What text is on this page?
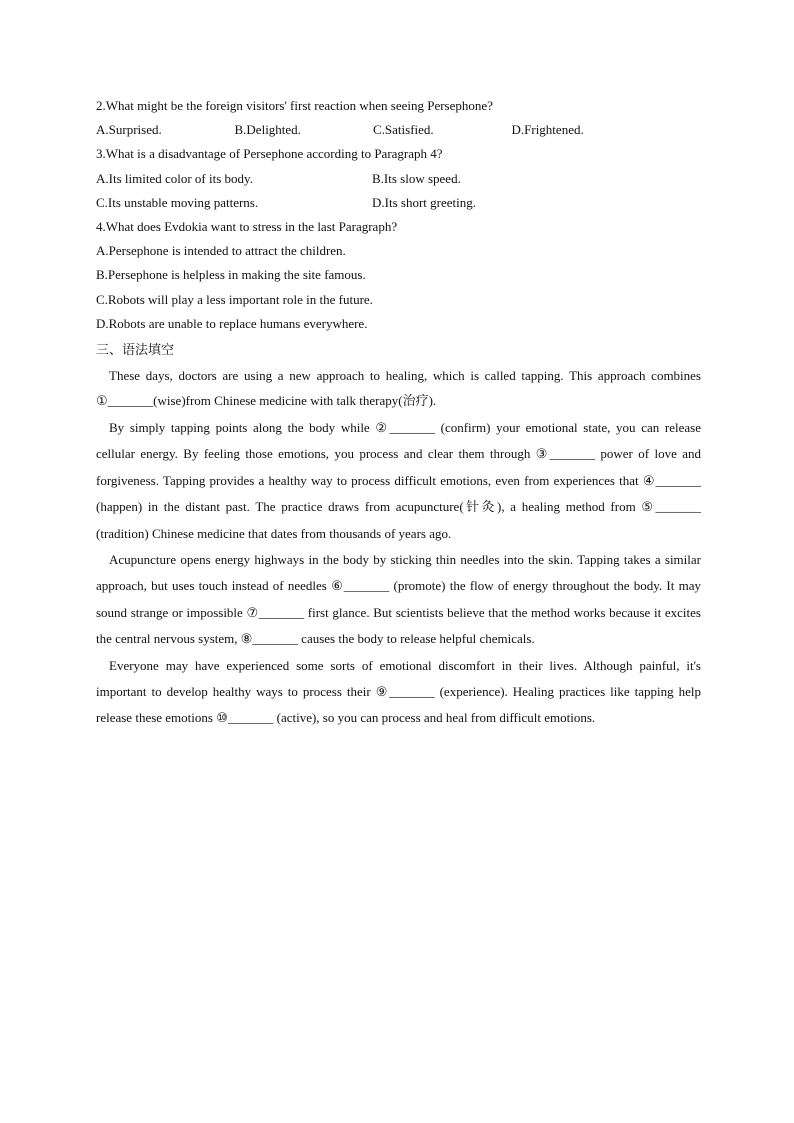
2.What might be the foreign visitors' first reaction when seeing Persephone?
A.Surprised.	B.Delighted.	C.Satisfied.	D.Frightened.
3.What is a disadvantage of Persephone according to Paragraph 4?
A.Its limited color of its body.	B.Its slow speed.
C.Its unstable moving patterns.	D.Its short greeting.
4.What does Evdokia want to stress in the last Paragraph?
A.Persephone is intended to attract the children.
B.Persephone is helpless in making the site famous.
C.Robots will play a less important role in the future.
D.Robots are unable to replace humans everywhere.
三、语法填空

These days, doctors are using a new approach to healing, which is called tapping. This approach combines ①_______(wise)from Chinese medicine with talk therapy(治疗).

By simply tapping points along the body while ②_______ (confirm) your emotional state, you can release cellular energy. By feeling those emotions, you process and clear them through ③_______ power of love and forgiveness. Tapping provides a healthy way to process difficult emotions, even from experiences that ④_______ (happen) in the distant past. The practice draws from acupuncture(针灸), a healing method from ⑤_______ (tradition) Chinese medicine that dates from thousands of years ago.

Acupuncture opens energy highways in the body by sticking thin needles into the skin. Tapping takes a similar approach, but uses touch instead of needles ⑥_______ (promote) the flow of energy throughout the body. It may sound strange or impossible ⑦_______ first glance. But scientists believe that the method works because it excites the central nervous system, ⑧_______ causes the body to release helpful chemicals.

Everyone may have experienced some sorts of emotional discomfort in their lives. Although painful, it's important to develop healthy ways to process their ⑨_______ (experience). Healing practices like tapping help release these emotions ⑩_______ (active), so you can process and heal from difficult emotions.
